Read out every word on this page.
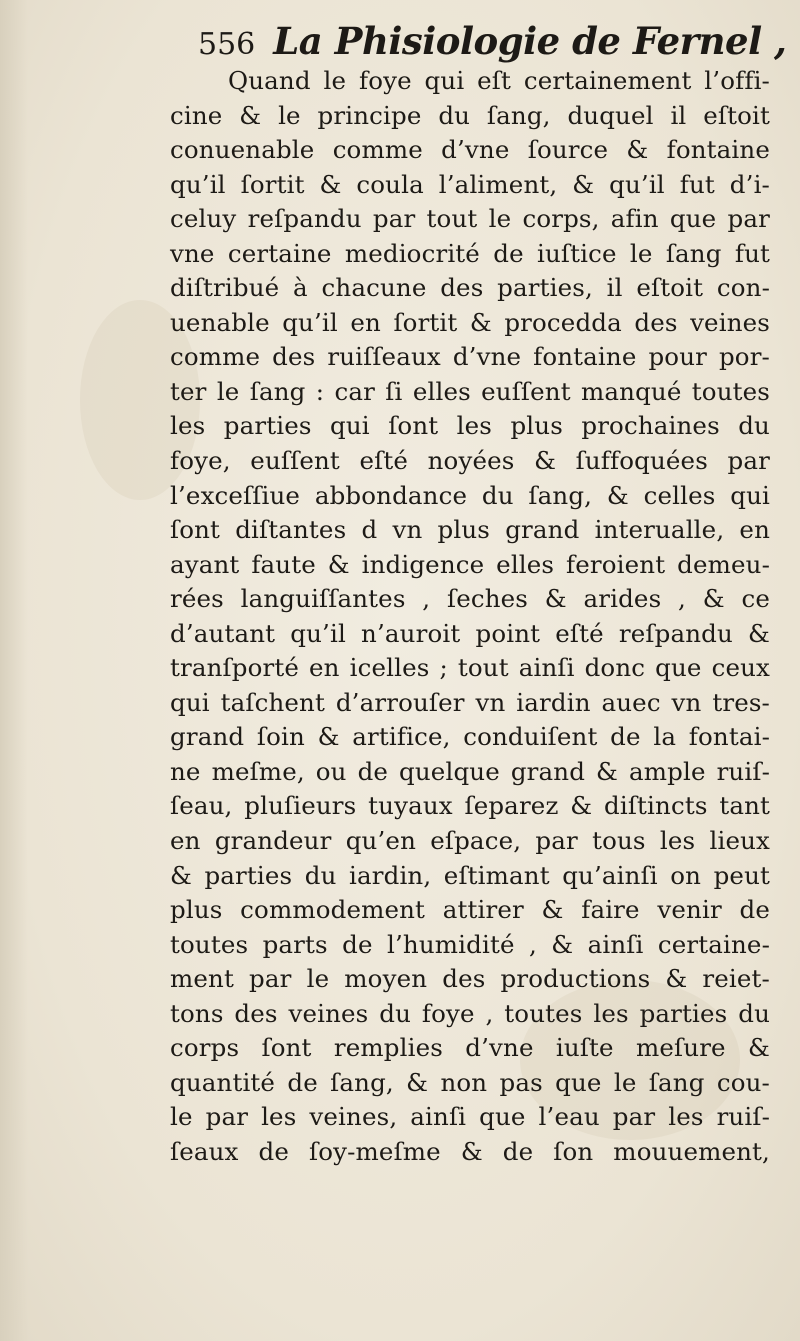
556 La Phisiologie de Fernel ,
Quand le foye qui eſt certainement l’offi-
cine & le principe du ſang, duquel il eſtoit
conuenable comme d’vne ſource & fontaine
qu’il ſortit & coula l’aliment, & qu’il fut d’i-
celuy reſpandu par tout le corps, afin que par
vne certaine mediocrité de iuſtice le ſang fut
diſtribué à chacune des parties, il eſtoit con-
uenable qu’il en ſortit & procedda des veines
comme des ruiſſeaux d’vne fontaine pour por-
ter le ſang : car ſi elles euſſent manqué toutes
les parties qui ſont les plus prochaines du
foye, euſſent eſté noyées & ſuffoquées par
l’exceſſiue abbondance du ſang, & celles qui
ſont diſtantes d vn plus grand interualle, en
ayant faute & indigence elles feroient demeu-
rées languiſſantes , ſeches & arides , & ce
d’autant qu’il n’auroit point eſté reſpandu &
tranſporté en icelles ; tout ainſi donc que ceux
qui taſchent d’arrouſer vn iardin auec vn tres-
grand ſoin & artifice, conduiſent de la fontai-
ne meſme, ou de quelque grand & ample ruiſ-
ſeau, pluſieurs tuyaux ſeparez & diſtincts tant
en grandeur qu’en eſpace, par tous les lieux
& parties du iardin, eſtimant qu’ainſi on peut
plus commodement attirer & faire venir de
toutes parts de l’humidité , & ainſi certaine-
ment par le moyen des productions & reiet-
tons des veines du foye , toutes les parties du
corps ſont remplies d’vne iuſte meſure &
quantité de ſang, & non pas que le ſang cou-
le par les veines, ainſi que l’eau par les ruiſ-
ſeaux de ſoy-meſme & de ſon mouuement,
